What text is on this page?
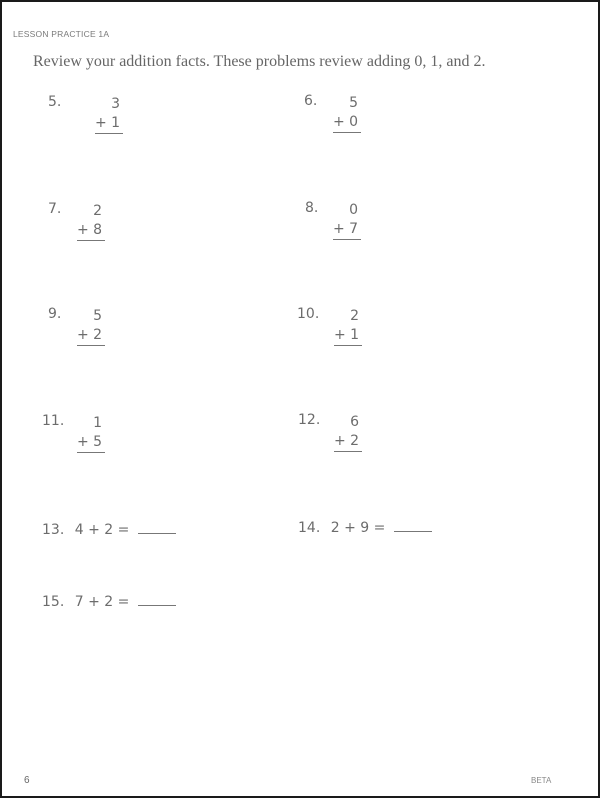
LESSON PRACTICE 1A
Review your addition facts. These problems review adding 0, 1, and 2.
5.	3
+ 1
6.	5
+ 0
7.	2
+ 8
8.	0
+ 7
9.	5
+ 2
10.	2
+ 1
11.	1
+ 5
12.	6
+ 2
13. 4 + 2 =	14. 2 + 9 =
15. 7 + 2 =
6	BETA
